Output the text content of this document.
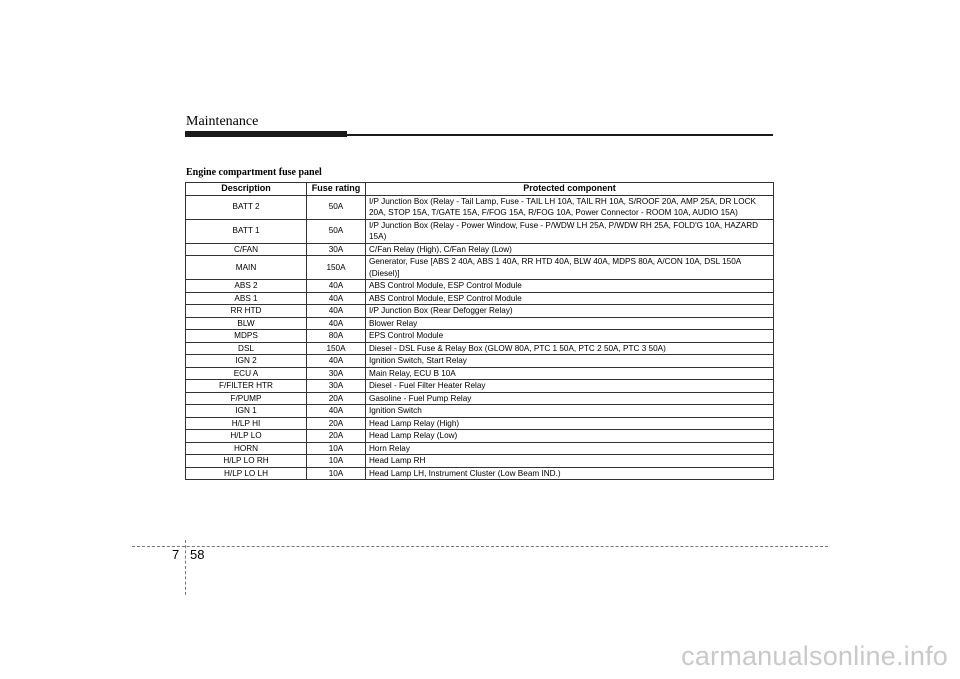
Maintenance
Engine compartment fuse panel
Description	Fuse rating	Protected component
BATT 2	50A	I/P Junction Box (Relay - Tail Lamp, Fuse - TAIL LH 10A, TAIL RH 10A, S/ROOF 20A, AMP 25A, DR LOCK 20A, STOP 15A, T/GATE 15A, F/FOG 15A, R/FOG 10A, Power Connector - ROOM 10A, AUDIO 15A)
BATT 1	50A	I/P Junction Box (Relay - Power Window, Fuse - P/WDW LH 25A, P/WDW RH 25A, FOLD'G 10A, HAZARD 15A)
C/FAN	30A	C/Fan Relay (High), C/Fan Relay (Low)
MAIN	150A	Generator, Fuse [ABS 2 40A, ABS 1 40A, RR HTD 40A, BLW 40A, MDPS 80A, A/CON 10A, DSL 150A (Diesel)]
ABS 2	40A	ABS Control Module, ESP Control Module
ABS 1	40A	ABS Control Module, ESP Control Module
RR HTD	40A	I/P Junction Box (Rear Defogger Relay)
BLW	40A	Blower Relay
MDPS	80A	EPS Control Module
DSL	150A	Diesel - DSL Fuse & Relay Box (GLOW 80A, PTC 1 50A, PTC 2 50A, PTC 3 50A)
IGN 2	40A	Ignition Switch, Start Relay
ECU A	30A	Main Relay, ECU B 10A
F/FILTER HTR	30A	Diesel - Fuel Filter Heater Relay
F/PUMP	20A	Gasoline - Fuel Pump Relay
IGN 1	40A	Ignition Switch
H/LP HI	20A	Head Lamp Relay (High)
H/LP LO	20A	Head Lamp Relay (Low)
HORN	10A	Horn Relay
H/LP LO RH	10A	Head Lamp RH
H/LP LO LH	10A	Head Lamp LH, Instrument Cluster (Low Beam IND.)
7 58
carmanualsonline.info
